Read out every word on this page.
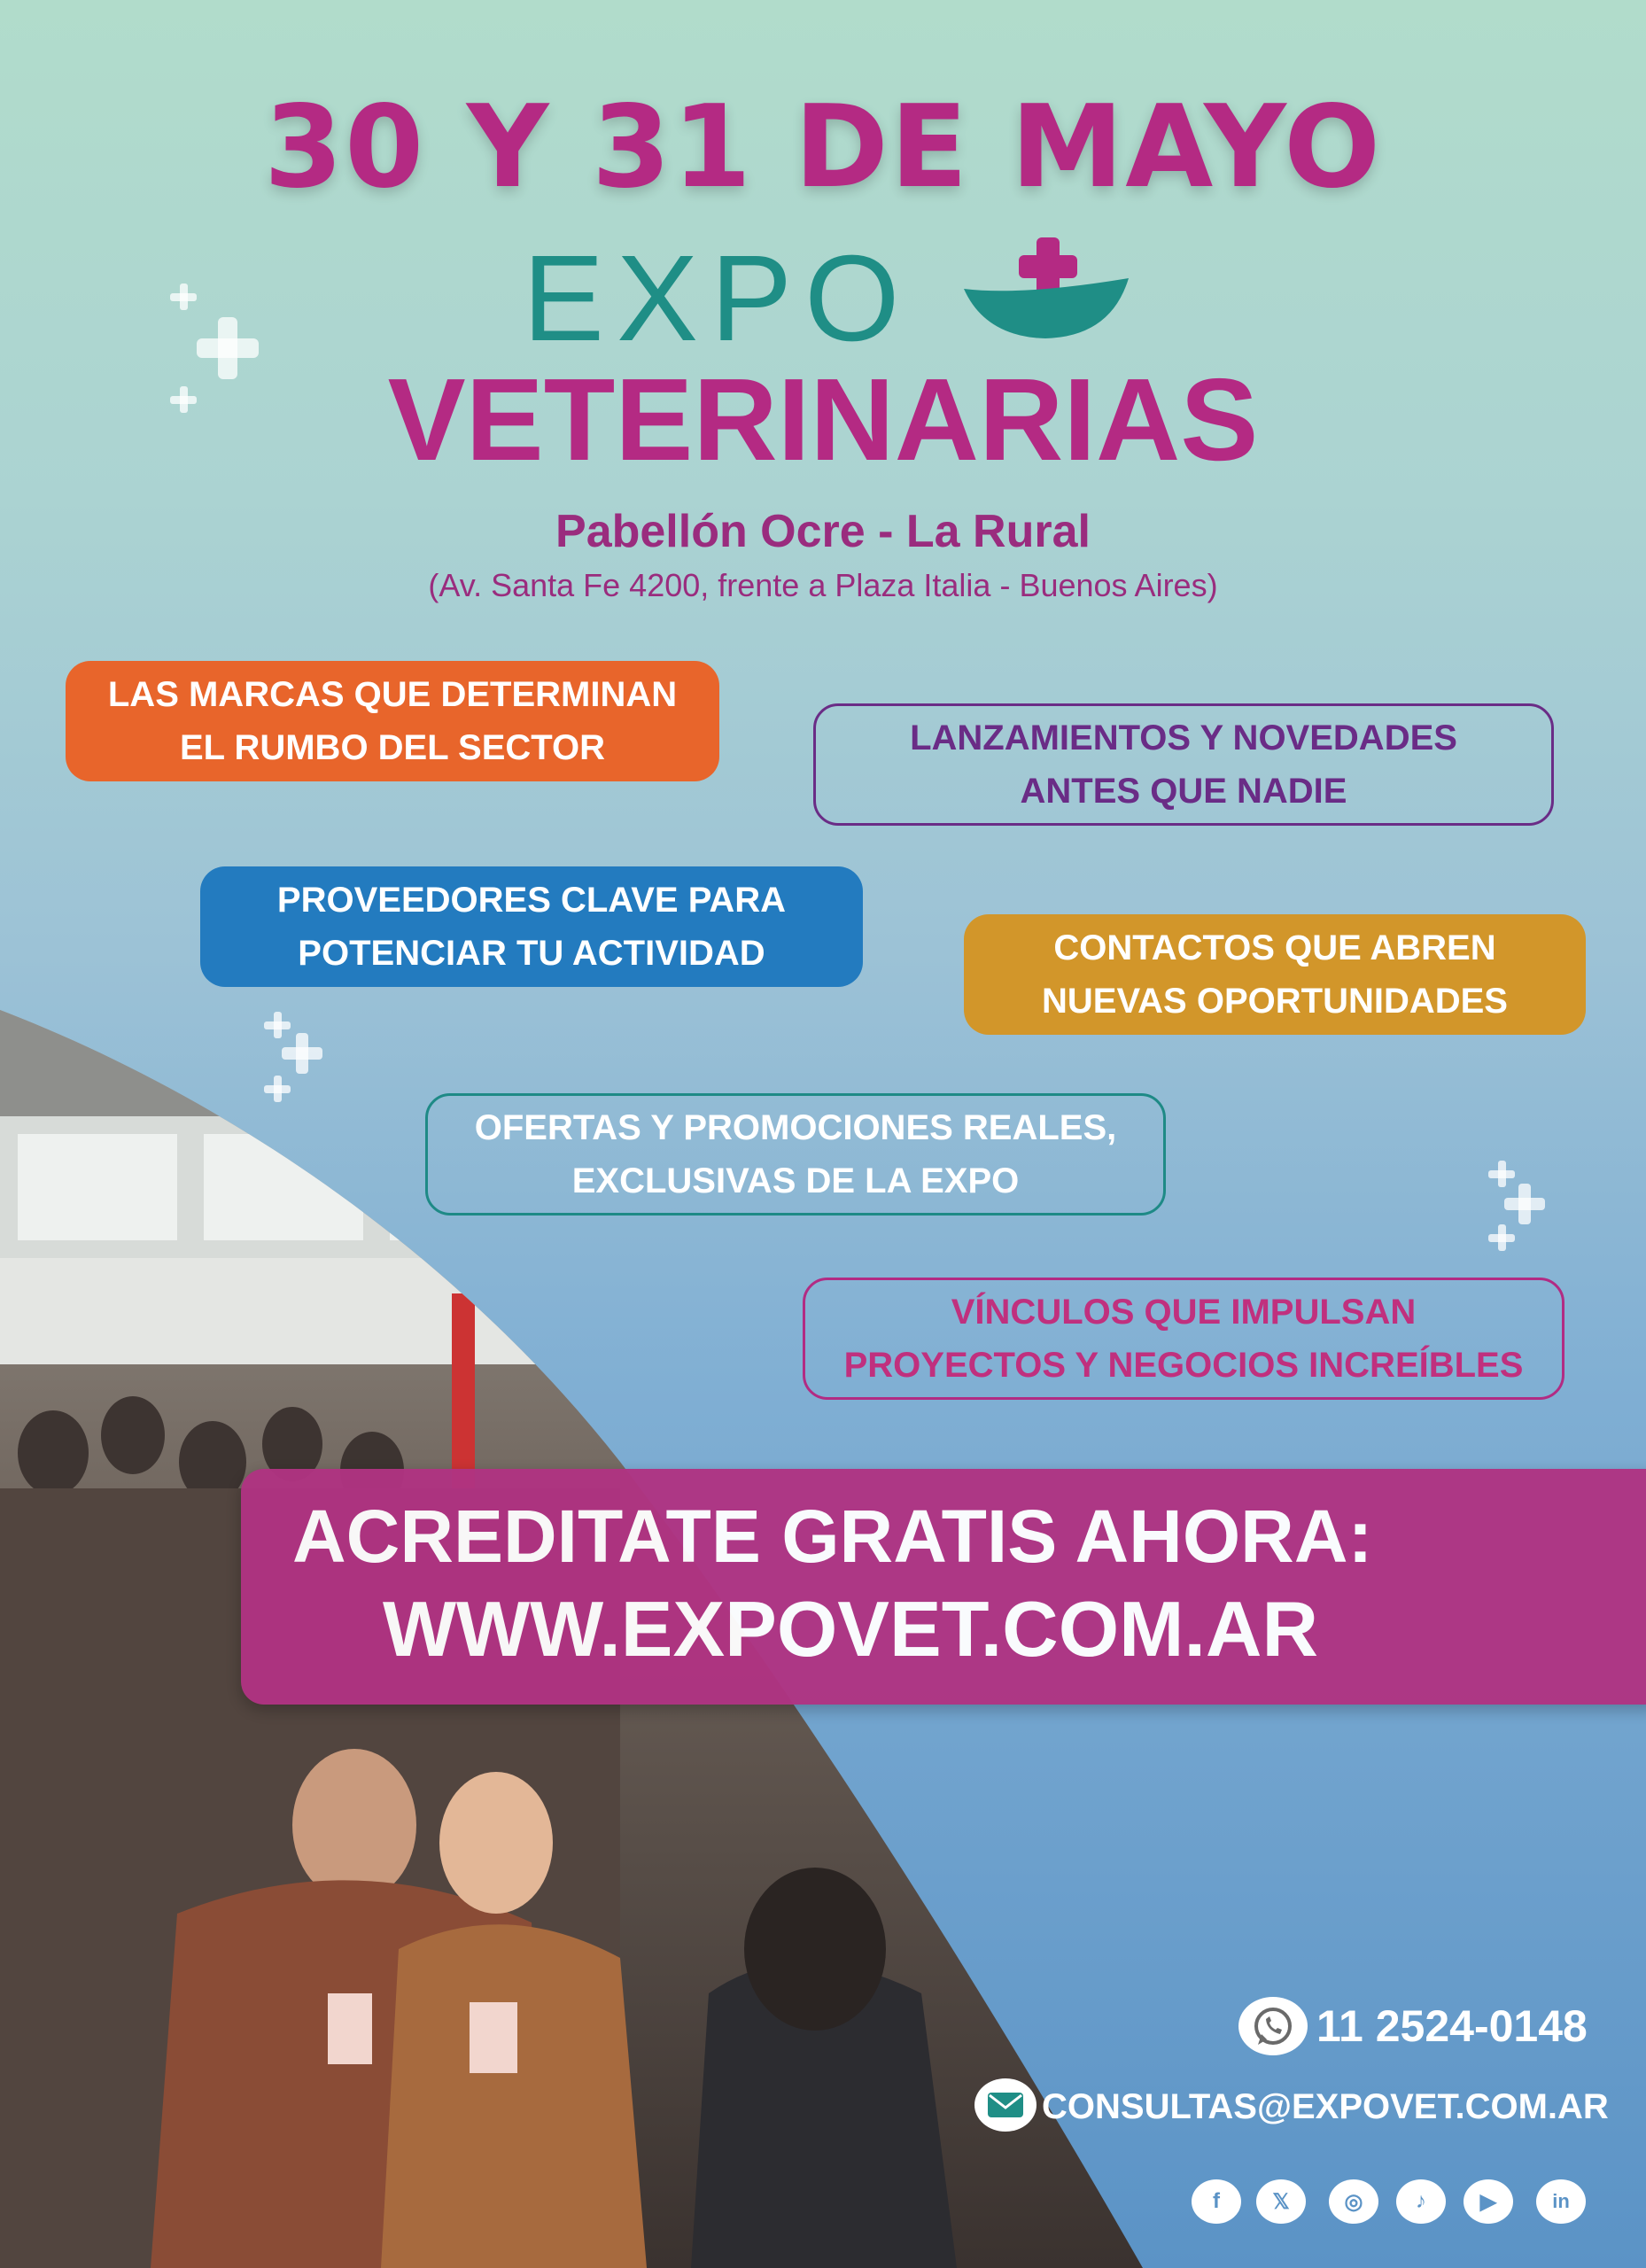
30 Y 31 DE MAYO
EXPO
VETERINARIAS
Pabellón Ocre - La Rural
(Av. Santa Fe 4200, frente a Plaza Italia - Buenos Aires)
LAS MARCAS QUE DETERMINAN
EL RUMBO DEL SECTOR	LANZAMIENTOS Y NOVEDADES
ANTES QUE NADIE
PROVEEDORES CLAVE PARA
POTENCIAR TU ACTIVIDAD	CONTACTOS QUE ABREN
NUEVAS OPORTUNIDADES
OFERTAS Y PROMOCIONES REALES,
EXCLUSIVAS DE LA EXPO
VÍNCULOS QUE IMPULSAN
PROYECTOS Y NEGOCIOS INCREÍBLES
ACREDITATE GRATIS AHORA:
WWW.EXPOVET.COM.AR
11 2524-0148
CONSULTAS@EXPOVET.COM.AR
f 𝕏	◎ ♪	▶	in
